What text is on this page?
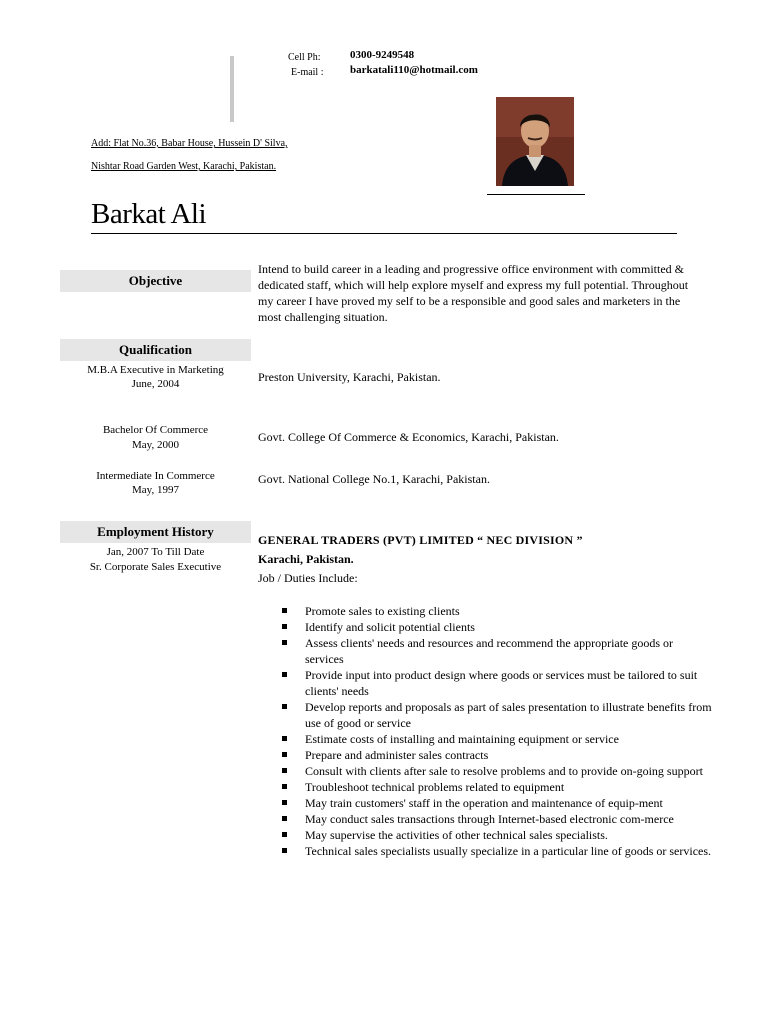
Cell Ph:	0300-9249548
E-mail : barkatali110@hotmail.com
Add: Flat No.36, Babar House, Hussein D' Silva,
Nishtar Road Garden West, Karachi, Pakistan.
Barkat Ali
Objective
Intend to build career in a leading and progressive office environment with committed & dedicated staff, which will help explore myself and express my full potential. Throughout my career I have proved my self to be a responsible and good sales and marketers in the most challenging situation.
Qualification
M.B.A Executive in Marketing
June, 2004	Preston University, Karachi, Pakistan.
Bachelor Of Commerce
May, 2000
Govt. College Of Commerce & Economics, Karachi, Pakistan.
Intermediate In Commerce
May, 1997
Govt. National College No.1, Karachi, Pakistan.
Employment History
Jan, 2007 To Till Date
Sr. Corporate Sales Executive
GENERAL TRADERS (PVT) LIMITED “ NEC DIVISION ”
Karachi, Pakistan.
Job / Duties Include:
Promote sales to existing clients
Identify and solicit potential clients
Assess clients' needs and resources and recommend the appropriate goods or services
Provide input into product design where goods or services must be tailored to suit clients' needs
Develop reports and proposals as part of sales presentation to illustrate benefits from use of good or service
Estimate costs of installing and maintaining equipment or service
Prepare and administer sales contracts
Consult with clients after sale to resolve problems and to provide on-going support
Troubleshoot technical problems related to equipment
May train customers' staff in the operation and maintenance of equip-ment
May conduct sales transactions through Internet-based electronic com-merce
May supervise the activities of other technical sales specialists.
Technical sales specialists usually specialize in a particular line of goods or services.
